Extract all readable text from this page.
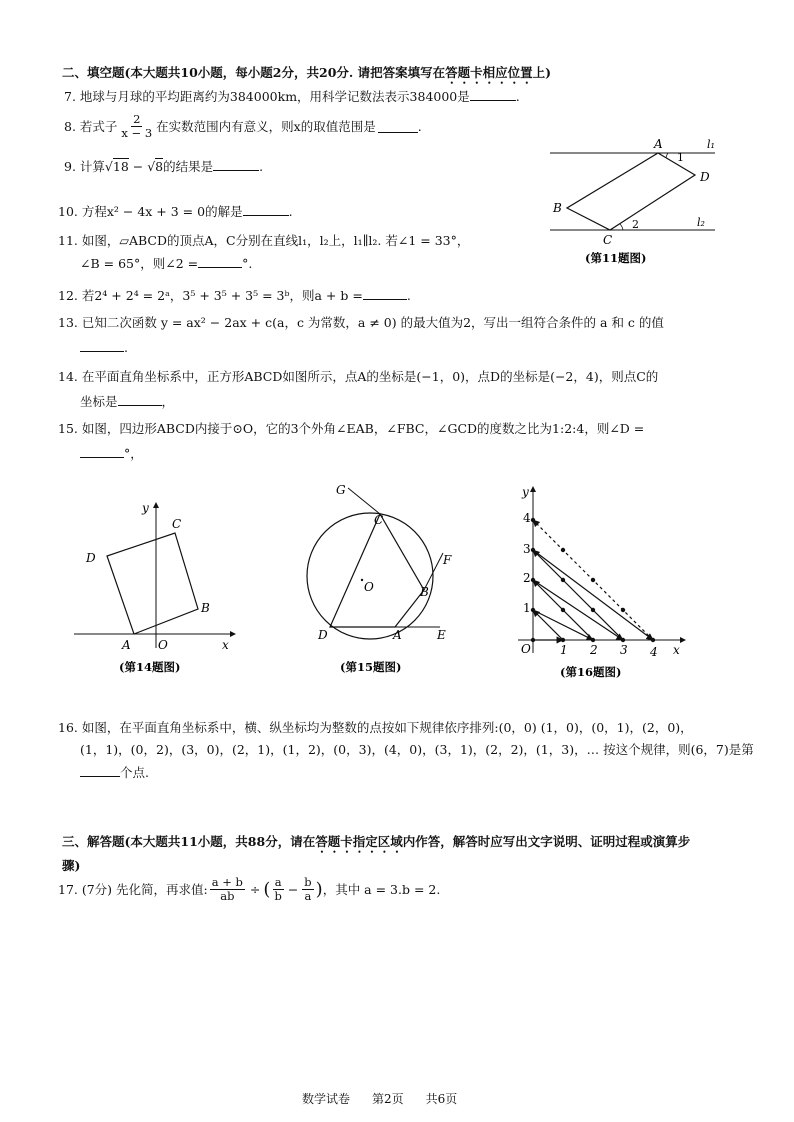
二、填空题(本大题共10小题，每小题2分，共20分. 请把答案填写在答题卡相应位置上)
7. 地球与月球的平均距离约为384000km，用科学记数法表示384000是	.
8. 若式子 $\frac{2}{x - 3}$ 在实数范围内有意义，则x的取值范围是	.
9. 计算√18 − √8的结果是	.
10. 方程x² − 4x + 3 = 0的解是	.
11. 如图，▱ABCD的顶点A，C分别在直线l₁，l₂上，l₁∥l₂. 若∠1 = 33°，
∠B = 65°，则∠2 =	°.
12. 若2⁴ + 2⁴ = 2ᵃ，3⁵ + 3⁵ + 3⁵ = 3ᵇ，则a + b =	.
13. 已知二次函数 y = ax² − 2ax + c(a，c 为常数，a ≠ 0) 的最大值为2，写出一组符合条件的 a 和 c 的值
.
14. 在平面直角坐标系中，正方形ABCD如图所示，点A的坐标是(−1，0)，点D的坐标是(−2，4)，则点C的
坐标是	，
15. 如图，四边形ABCD内接于⊙O，它的3个外角∠EAB，∠FBC，∠GCD的度数之比为1:2:4，则∠D =
°，
A
1
l₁
D
B
2	l₂
C
(第11题图)
y
C
D
B
A O	x
(第14题图)
G
C
F
O	B
D	A	E
(第15题图)
y
4
3
2
1
O 1 2 3 4 x
(第16题图)
16. 如图，在平面直角坐标系中，横、纵坐标均为整数的点按如下规律依序排列:(0，0) (1，0)，(0，1)，(2，0)，
(1，1)，(0，2)，(3，0)，(2，1)，(1，2)，(0，3)，(4，0)，(3，1)，(2，2)，(1，3)，… 按这个规律，则(6，7)是第
个点.
三、解答题(本大题共11小题，共88分，请在答题卡指定区域内作答，解答时应写出文字说明、证明过程或演算步
骤)
17. (7分) 先化简，再求值: $\frac{a + b}{ab}$ ÷ ( $\frac{a}{b} - \frac{b}{a}$ ) ，其中 a = 3.b = 2.
数学试卷 第2页 共6页
